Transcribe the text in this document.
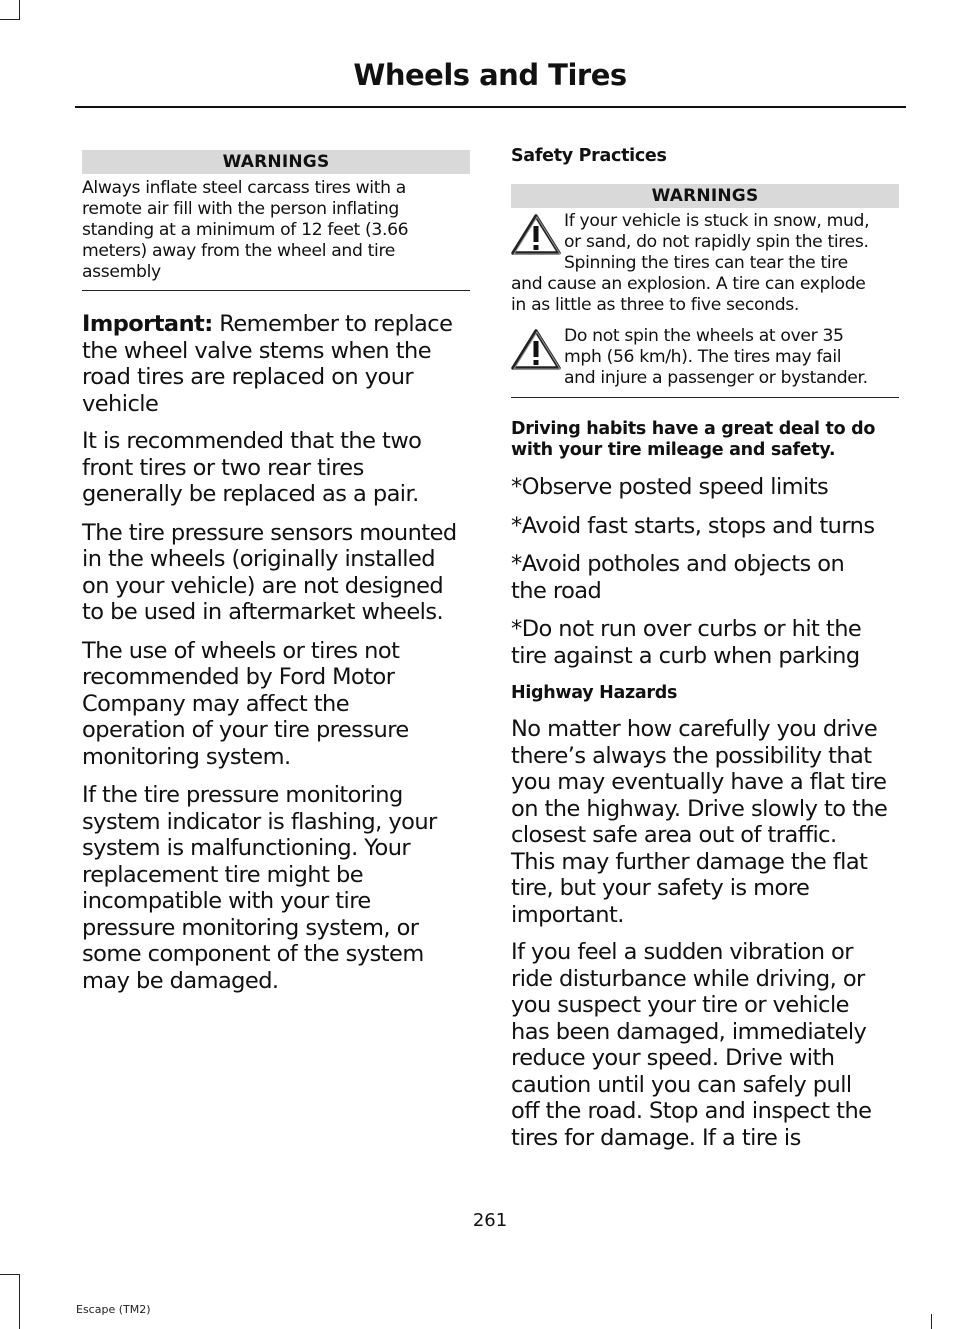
Wheels and Tires
WARNINGS
Always inflate steel carcass tires with a
remote air fill with the person inflating
standing at a minimum of 12 feet (3.66
meters) away from the wheel and tire
assembly
Important: Remember to replace
the wheel valve stems when the
road tires are replaced on your
vehicle
It is recommended that the two
front tires or two rear tires
generally be replaced as a pair.
The tire pressure sensors mounted
in the wheels (originally installed
on your vehicle) are not designed
to be used in aftermarket wheels.
The use of wheels or tires not
recommended by Ford Motor
Company may affect the
operation of your tire pressure
monitoring system.
If the tire pressure monitoring
system indicator is flashing, your
system is malfunctioning. Your
replacement tire might be
incompatible with your tire
pressure monitoring system, or
some component of the system
may be damaged.
Safety Practices
WARNINGS
If your vehicle is stuck in snow, mud,
or sand, do not rapidly spin the tires.
Spinning the tires can tear the tire
and cause an explosion. A tire can explode
in as little as three to five seconds.
Do not spin the wheels at over 35
mph (56 km/h). The tires may fail
and injure a passenger or bystander.
Driving habits have a great deal to do
with your tire mileage and safety.
*Observe posted speed limits
*Avoid fast starts, stops and turns
*Avoid potholes and objects on
the road
*Do not run over curbs or hit the
tire against a curb when parking
Highway Hazards
No matter how carefully you drive
there’s always the possibility that
you may eventually have a flat tire
on the highway. Drive slowly to the
closest safe area out of traffic.
This may further damage the flat
tire, but your safety is more
important.
If you feel a sudden vibration or
ride disturbance while driving, or
you suspect your tire or vehicle
has been damaged, immediately
reduce your speed. Drive with
caution until you can safely pull
off the road. Stop and inspect the
tires for damage. If a tire is
261
Escape (TM2)
